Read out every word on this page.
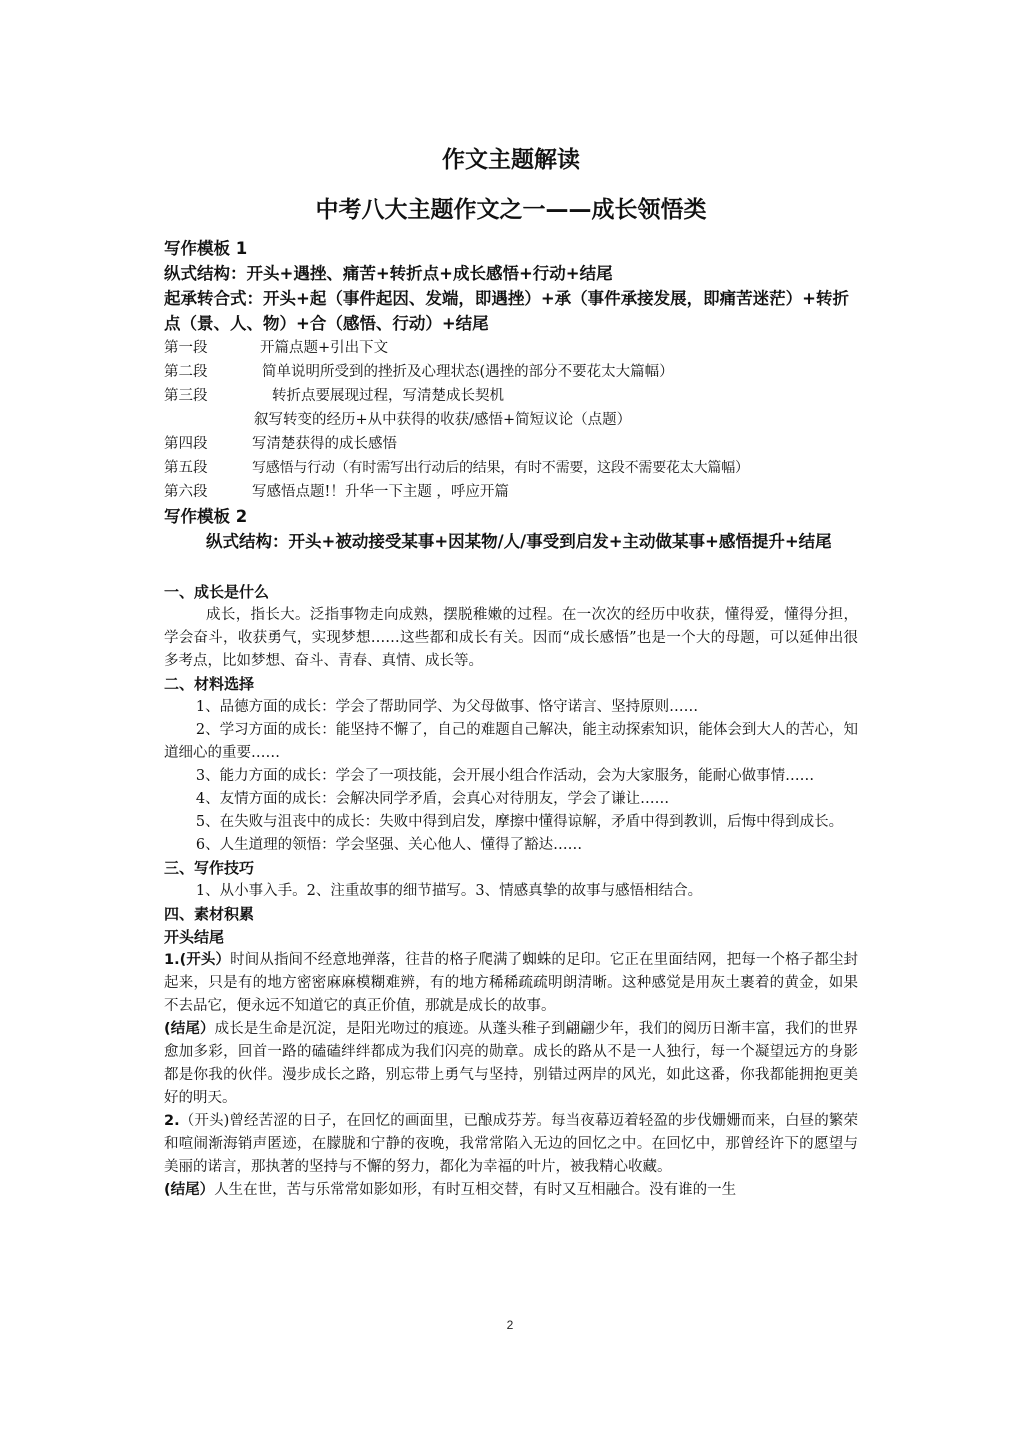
作文主题解读
中考八大主题作文之一——成长领悟类

写作模板 1

纵式结构：开头+遇挫、痛苦+转折点+成长感悟+行动+结尾

起承转合式：开头+起（事件起因、发端，即遇挫）+承（事件承接发展，即痛苦迷茫）+转折点（景、人、物）+合（感悟、行动）+结尾

第一段	开篇点题+引出下文
第二段	简单说明所受到的挫折及心理状态(遇挫的部分不要花太大篇幅）
第三段	转折点要展现过程，写清楚成长契机
叙写转变的经历+从中获得的收获/感悟+简短议论（点题）
第四段	写清楚获得的成长感悟
第五段	写感悟与行动（有时需写出行动后的结果，有时不需要，这段不需要花太大篇幅）
第六段	写感悟点题!！升华一下主题 ，呼应开篇

写作模板 2

纵式结构：开头+被动接受某事+因某物/人/事受到启发+主动做某事+感悟提升+结尾

一、成长是什么

成长，指长大。泛指事物走向成熟，摆脱稚嫩的过程。在一次次的经历中收获，懂得爱，懂得分担，学会奋斗，收获勇气，实现梦想……这些都和成长有关。因而“成长感悟”也是一个大的母题，可以延伸出很多考点，比如梦想、奋斗、青春、真情、成长等。

二、材料选择

1、品德方面的成长：学会了帮助同学、为父母做事、恪守诺言、坚持原则……

2、学习方面的成长：能坚持不懈了，自己的难题自己解决，能主动探索知识，能体会到大人的苦心，知道细心的重要……

3、能力方面的成长：学会了一项技能，会开展小组合作活动，会为大家服务，能耐心做事情……

4、友情方面的成长：会解决同学矛盾，会真心对待朋友，学会了谦让……

5、在失败与沮丧中的成长：失败中得到启发，摩擦中懂得谅解，矛盾中得到教训，后悔中得到成长。

6、人生道理的领悟：学会坚强、关心他人、懂得了豁达……

三、写作技巧

1、从小事入手。2、注重故事的细节描写。3、情感真挚的故事与感悟相结合。

四、素材积累

开头结尾

1.(开头）时间从指间不经意地弹落，往昔的格子爬满了蜘蛛的足印。它正在里面结网，把每一个格子都尘封起来，只是有的地方密密麻麻模糊难辨，有的地方稀稀疏疏明朗清晰。这种感觉是用灰土裹着的黄金，如果不去品它，便永远不知道它的真正价值，那就是成长的故事。

(结尾）成长是生命是沉淀，是阳光吻过的痕迹。从蓬头稚子到翩翩少年，我们的阅历日渐丰富，我们的世界愈加多彩，回首一路的磕磕绊绊都成为我们闪亮的勋章。成长的路从不是一人独行，每一个凝望远方的身影都是你我的伙伴。漫步成长之路，别忘带上勇气与坚持，别错过两岸的风光，如此这番，你我都能拥抱更美好的明天。

2.（开头)曾经苦涩的日子，在回忆的画面里，已酿成芬芳。每当夜幕迈着轻盈的步伐姗姗而来，白昼的繁荣和喧闹渐海销声匿迹，在朦胧和宁静的夜晚，我常常陷入无边的回忆之中。在回忆中，那曾经许下的愿望与美丽的诺言，那执著的坚持与不懈的努力，都化为幸福的叶片，被我精心收藏。

(结尾）人生在世，苦与乐常常如影如形，有时互相交替，有时又互相融合。没有谁的一生

2
